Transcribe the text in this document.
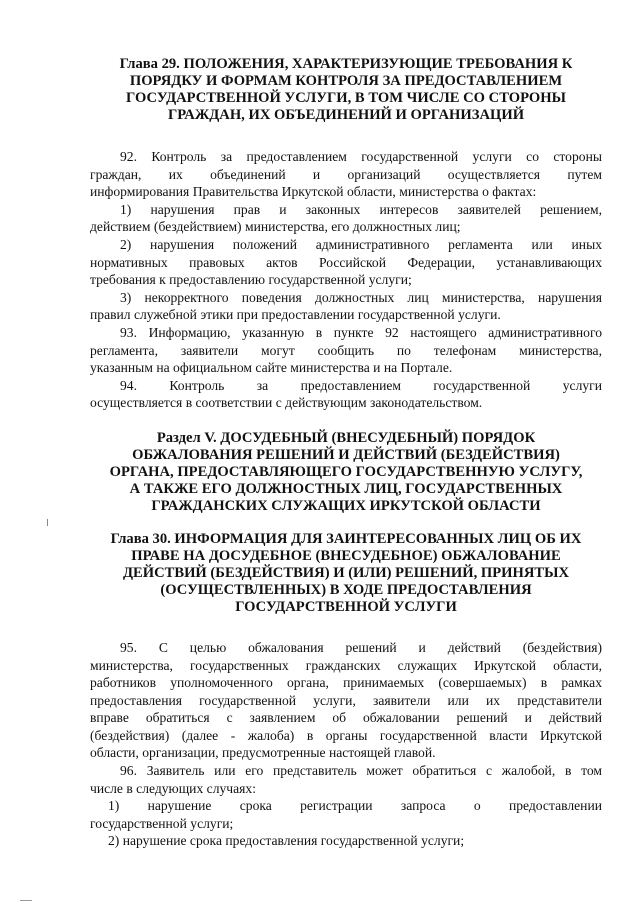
Глава 29. ПОЛОЖЕНИЯ, ХАРАКТЕРИЗУЮЩИЕ ТРЕБОВАНИЯ К
ПОРЯДКУ И ФОРМАМ КОНТРОЛЯ ЗА ПРЕДОСТАВЛЕНИЕМ
ГОСУДАРСТВЕННОЙ УСЛУГИ, В ТОМ ЧИСЛЕ СО СТОРОНЫ
ГРАЖДАН, ИХ ОБЪЕДИНЕНИЙ И ОРГАНИЗАЦИЙ
92. Контроль за предоставлением государственной услуги со стороны
граждан, их объединений и организаций осуществляется путем
информирования Правительства Иркутской области, министерства о фактах:
1) нарушения прав и законных интересов заявителей решением,
действием (бездействием) министерства, его должностных лиц;
2) нарушения положений административного регламента или иных
нормативных правовых актов Российской Федерации, устанавливающих
требования к предоставлению государственной услуги;
3) некорректного поведения должностных лиц министерства, нарушения
правил служебной этики при предоставлении государственной услуги.
93. Информацию, указанную в пункте 92 настоящего административного
регламента, заявители могут сообщить по телефонам министерства,
указанным на официальном сайте министерства и на Портале.
94. Контроль за предоставлением государственной услуги
осуществляется в соответствии с действующим законодательством.
Раздел V. ДОСУДЕБНЫЙ (ВНЕСУДЕБНЫЙ) ПОРЯДОК
ОБЖАЛОВАНИЯ РЕШЕНИЙ И ДЕЙСТВИЙ (БЕЗДЕЙСТВИЯ)
ОРГАНА, ПРЕДОСТАВЛЯЮЩЕГО ГОСУДАРСТВЕННУЮ УСЛУГУ,
А ТАКЖЕ ЕГО ДОЛЖНОСТНЫХ ЛИЦ, ГОСУДАРСТВЕННЫХ
ГРАЖДАНСКИХ СЛУЖАЩИХ ИРКУТСКОЙ ОБЛАСТИ
Глава 30. ИНФОРМАЦИЯ ДЛЯ ЗАИНТЕРЕСОВАННЫХ ЛИЦ ОБ ИХ
ПРАВЕ НА ДОСУДЕБНОЕ (ВНЕСУДЕБНОЕ) ОБЖАЛОВАНИЕ
ДЕЙСТВИЙ (БЕЗДЕЙСТВИЯ) И (ИЛИ) РЕШЕНИЙ, ПРИНЯТЫХ
(ОСУЩЕСТВЛЕННЫХ) В ХОДЕ ПРЕДОСТАВЛЕНИЯ
ГОСУДАРСТВЕННОЙ УСЛУГИ
95. С целью обжалования решений и действий (бездействия)
министерства, государственных гражданских служащих Иркутской области,
работников уполномоченного органа, принимаемых (совершаемых) в рамках
предоставления государственной услуги, заявители или их представители
вправе обратиться с заявлением об обжаловании решений и действий
(бездействия) (далее - жалоба) в органы государственной власти Иркутской
области, организации, предусмотренные настоящей главой.
96. Заявитель или его представитель может обратиться с жалобой, в том
числе в следующих случаях:
1) нарушение срока регистрации запроса о предоставлении
государственной услуги;
2) нарушение срока предоставления государственной услуги;
